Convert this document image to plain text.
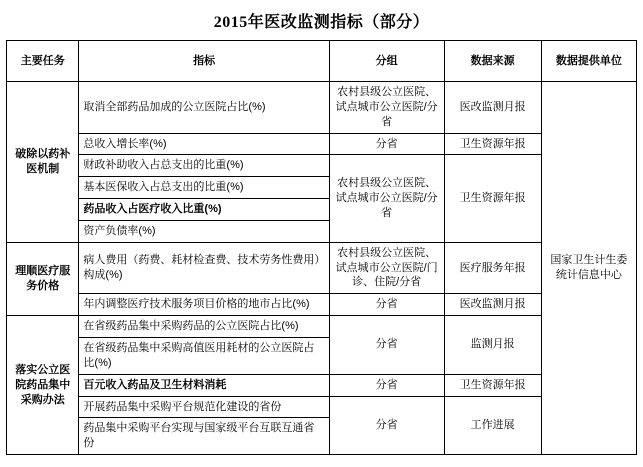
2015年医改监测指标（部分）
主要任务	指标	分组	数据来源	数据提供单位
破除以药补医机制	取消全部药品加成的公立医院占比(%)	农村县级公立医院、试点城市公立医院/分省	医改监测月报	国家卫生计生委统计信息中心
	总收入增长率(%)	分省	卫生资源年报	
	财政补助收入占总支出的比重(%)	农村县级公立医院、试点城市公立医院/分省	卫生资源年报	
	基本医保收入占总支出的比重(%)			
	药品收入占医疗收入比重(%)			
	资产负债率(%)			
理顺医疗服务价格	病人费用（药费、耗材检查费、技术劳务性费用）构成(%)	农村县级公立医院、试点城市公立医院/门诊、住院/分省	医疗服务年报	
	年内调整医疗技术服务项目价格的地市占比(%)	分省	医改监测月报	
落实公立医院药品集中采购办法	在省级药品集中采购药品的公立医院占比(%)	分省	监测月报	
	在省级药品集中采购高值医用耗材的公立医院占比(%)			
	百元收入药品及卫生材料消耗	分省	卫生资源年报	
	开展药品集中采购平台规范化建设的省份	分省	工作进展	
	药品集中采购平台实现与国家级平台互联互通省份			
